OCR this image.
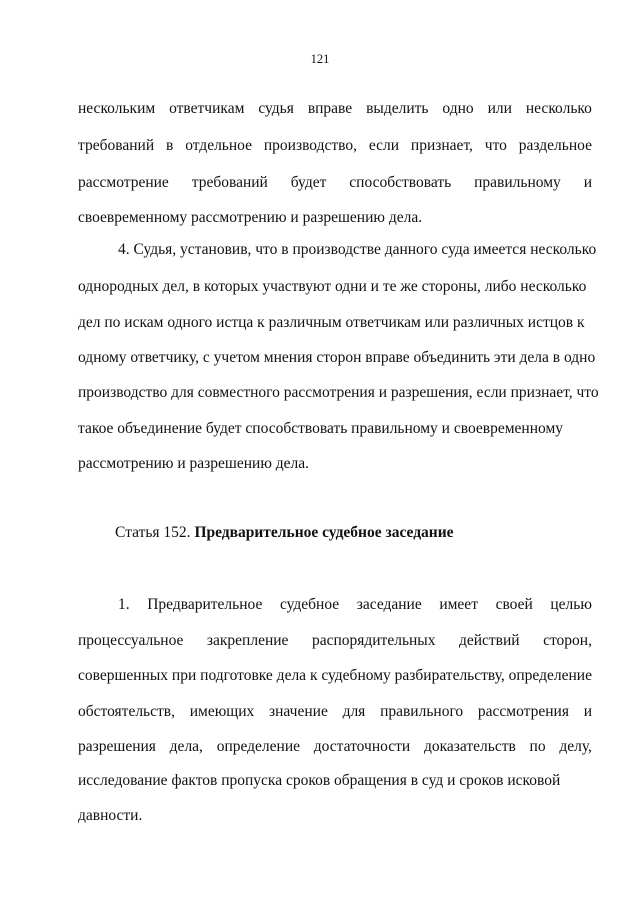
121
нескольким ответчикам судья вправе выделить одно или несколько
требований в отдельное производство, если признает, что раздельное
рассмотрение требований будет способствовать правильному и
своевременному рассмотрению и разрешению дела.
4. Судья, установив, что в производстве данного суда имеется несколько
однородных дел, в которых участвуют одни и те же стороны, либо несколько
дел по искам одного истца к различным ответчикам или различных истцов к
одному ответчику, с учетом мнения сторон вправе объединить эти дела в одно
производство для совместного рассмотрения и разрешения, если признает, что
такое объединение будет способствовать правильному и своевременному
рассмотрению и разрешению дела.
Статья 152. Предварительное судебное заседание
1. Предварительное судебное заседание имеет своей целью
процессуальное закрепление распорядительных действий сторон,
совершенных при подготовке дела к судебному разбирательству, определение
обстоятельств, имеющих значение для правильного рассмотрения и
разрешения дела, определение достаточности доказательств по делу,
исследование фактов пропуска сроков обращения в суд и сроков исковой
давности.
